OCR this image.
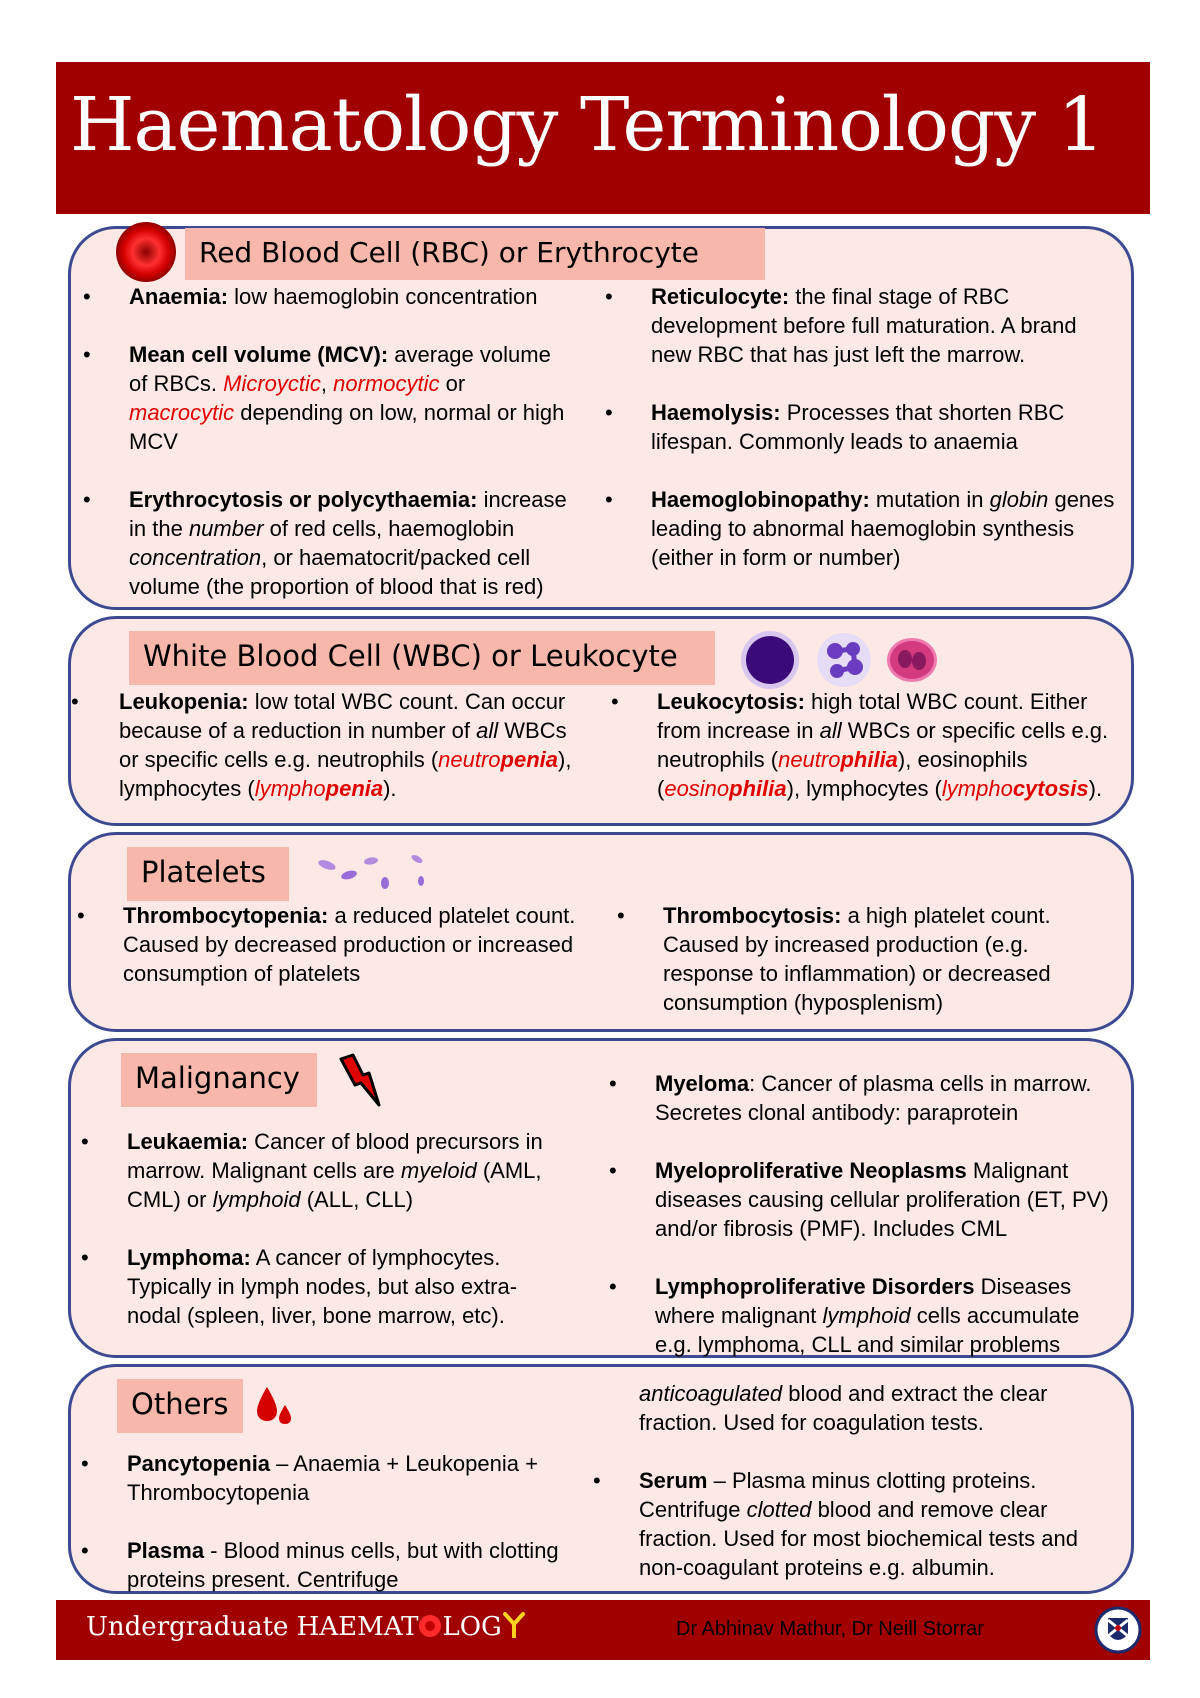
Haematology Terminology 1
Red Blood Cell (RBC) or Erythrocyte
• Anaemia: low haemoglobin concentration
• Mean cell volume (MCV): average volume of RBCs. Microyctic, normocytic or macrocytic depending on low, normal or high MCV
• Erythrocytosis or polycythaemia: increase in the number of red cells, haemoglobin concentration, or haematocrit/packed cell volume (the proportion of blood that is red)
• Reticulocyte: the final stage of RBC development before full maturation. A brand new RBC that has just left the marrow.
• Haemolysis: Processes that shorten RBC lifespan. Commonly leads to anaemia
• Haemoglobinopathy: mutation in globin genes leading to abnormal haemoglobin synthesis (either in form or number)
White Blood Cell (WBC) or Leukocyte
• Leukopenia: low total WBC count. Can occur because of a reduction in number of all WBCs or specific cells e.g. neutrophils (neutropenia), lymphocytes (lymphopenia).
• Leukocytosis: high total WBC count. Either from increase in all WBCs or specific cells e.g. neutrophils (neutrophilia), eosinophils (eosinophilia), lymphocytes (lymphocytosis).
Platelets
• Thrombocytopenia: a reduced platelet count. Caused by decreased production or increased consumption of platelets
• Thrombocytosis: a high platelet count. Caused by increased production (e.g. response to inflammation) or decreased consumption (hyposplenism)
Malignancy
• Leukaemia: Cancer of blood precursors in marrow. Malignant cells are myeloid (AML, CML) or lymphoid (ALL, CLL)
• Lymphoma: A cancer of lymphocytes. Typically in lymph nodes, but also extra-nodal (spleen, liver, bone marrow, etc).
• Myeloma: Cancer of plasma cells in marrow. Secretes clonal antibody: paraprotein
• Myeloproliferative Neoplasms Malignant diseases causing cellular proliferation (ET, PV) and/or fibrosis (PMF). Includes CML
• Lymphoproliferative Disorders Diseases where malignant lymphoid cells accumulate e.g. lymphoma, CLL and similar problems
Others
• Pancytopenia – Anaemia + Leukopenia + Thrombocytopenia
• Plasma - Blood minus cells, but with clotting proteins present. Centrifuge
anticoagulated blood and extract the clear fraction. Used for coagulation tests.
• Serum – Plasma minus clotting proteins. Centrifuge clotted blood and remove clear fraction. Used for most biochemical tests and non-coagulant proteins e.g. albumin.
Undergraduate HAEMAT LOG	Dr Abhinav Mathur, Dr Neill Storrar
